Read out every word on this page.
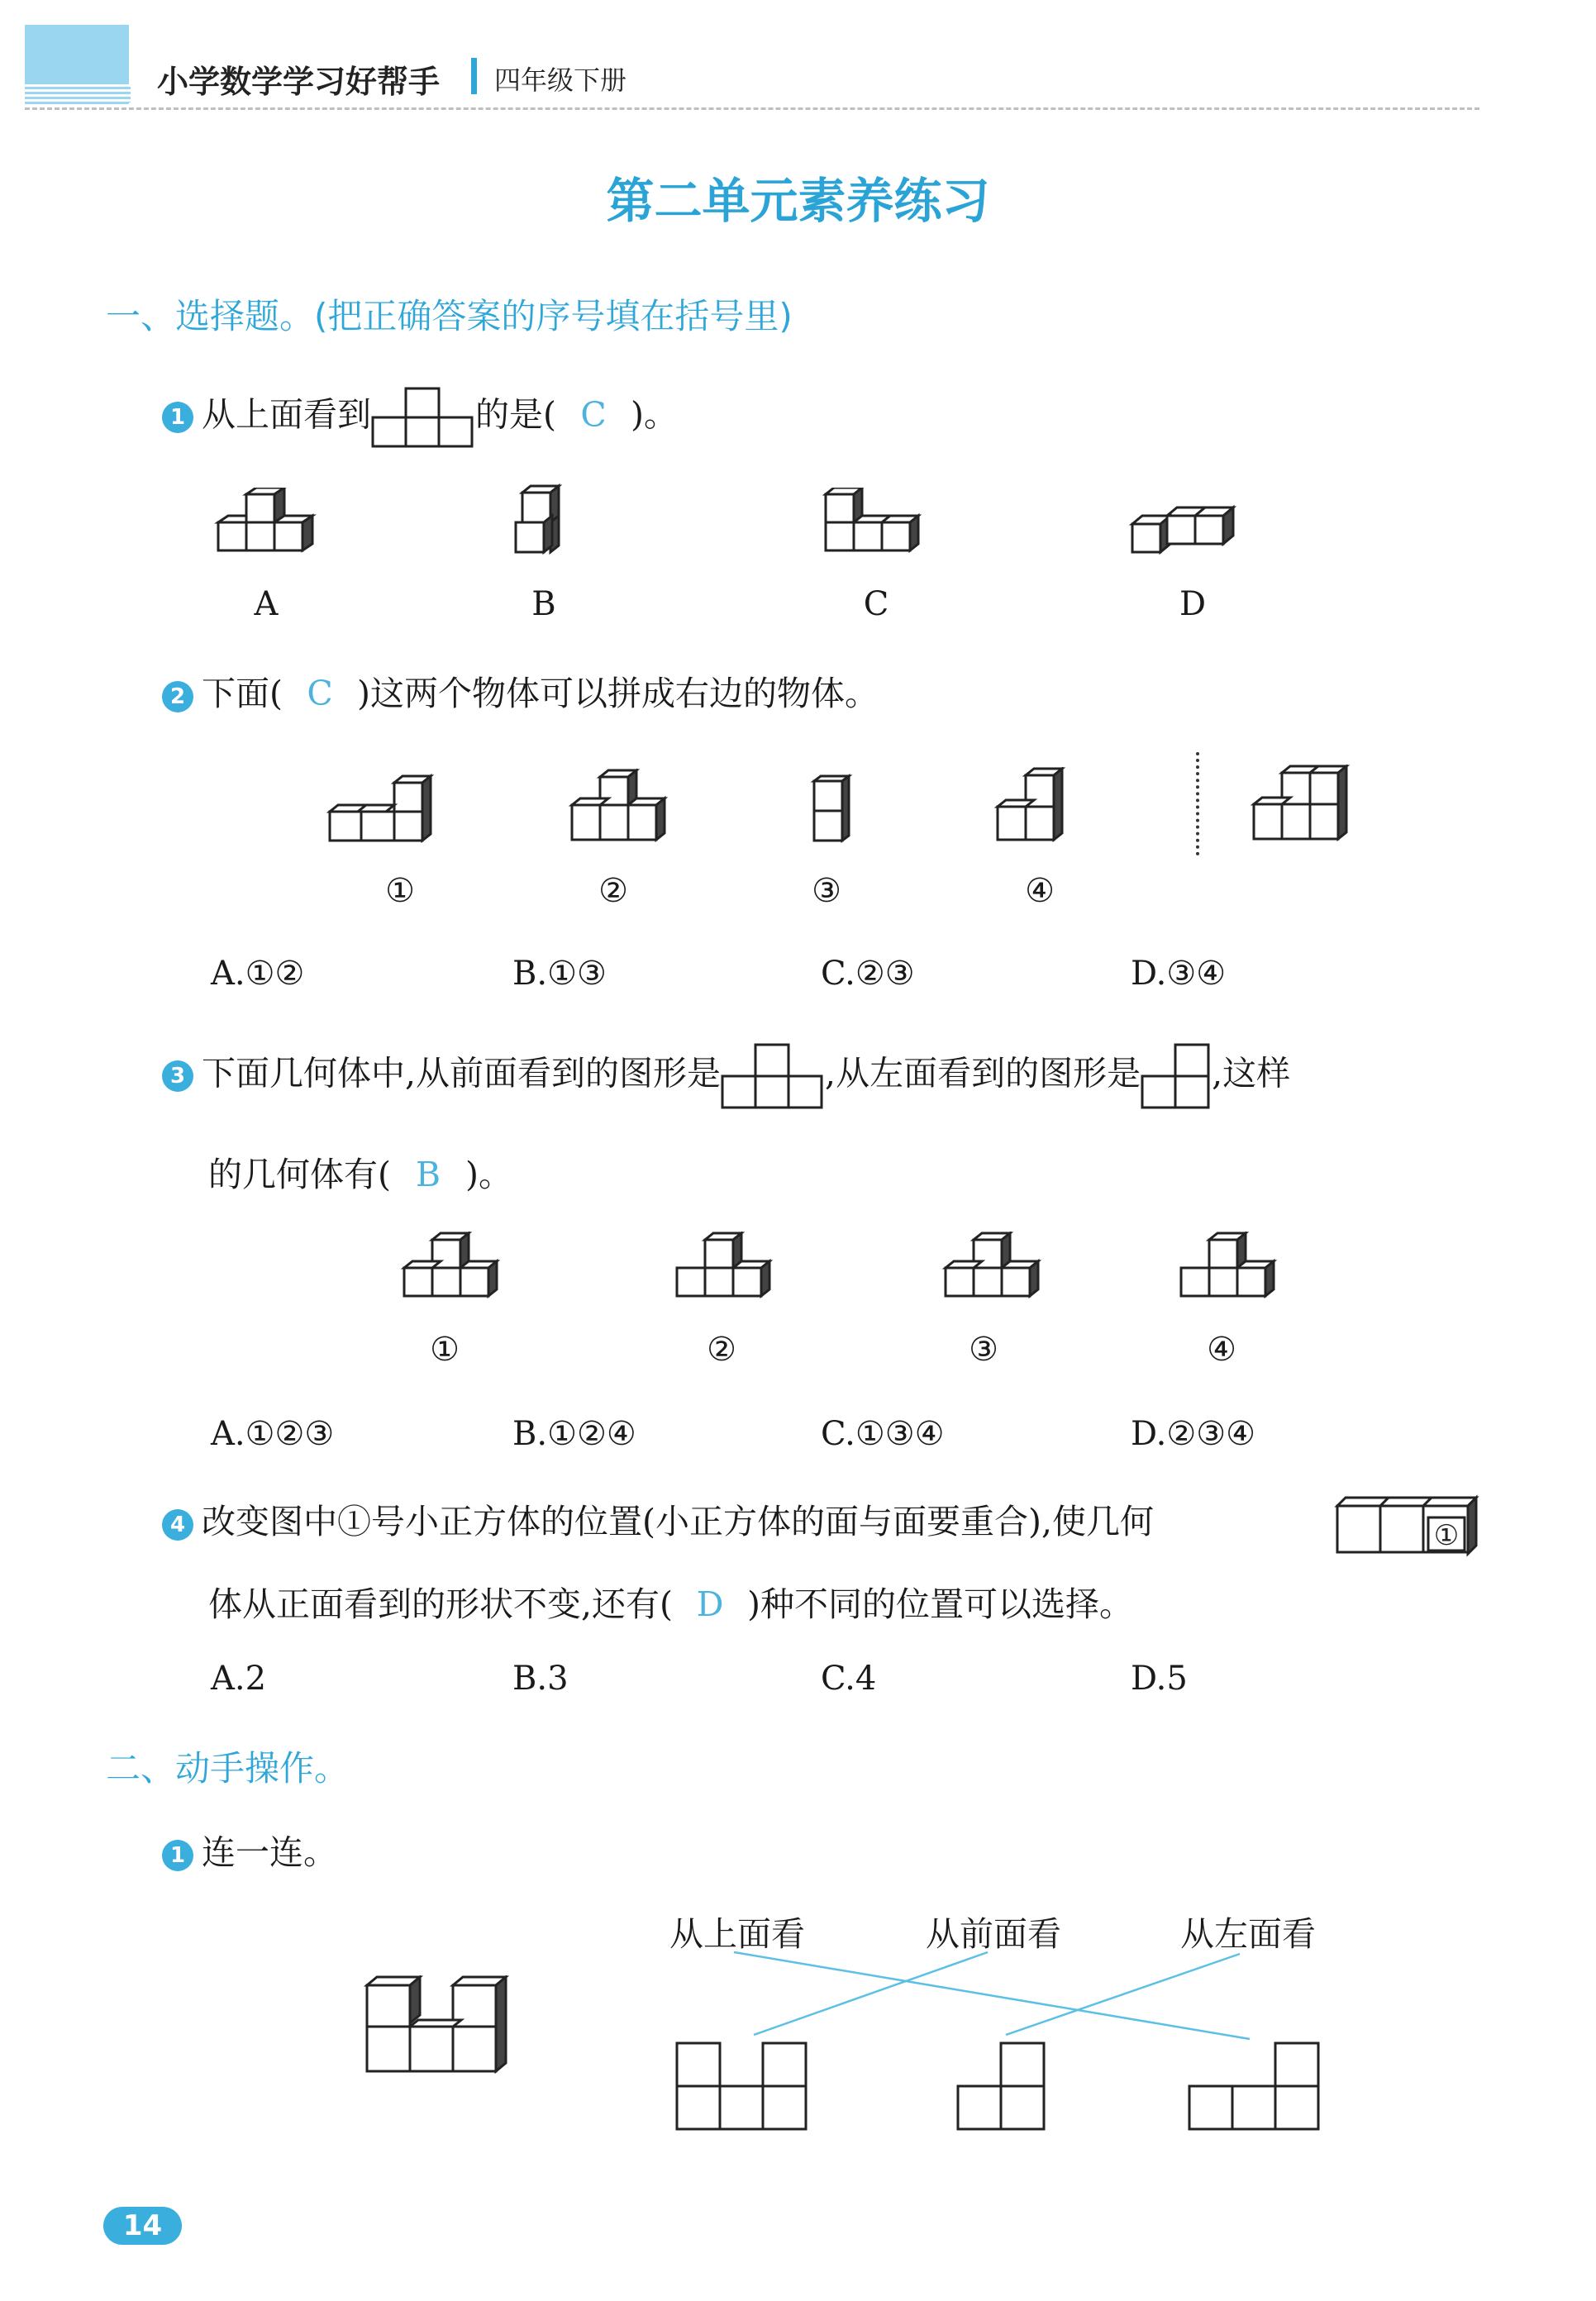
小学数学学习好帮手 四年级下册
第二单元素养练习
一、选择题。(把正确答案的序号填在括号里)
1 从上面看到	的是( C )。
A	B	C	D
2 下面( C )这两个物体可以拼成右边的物体。
①	②	③	④
A.①②	B.①③	C.②③	D.③④
3 下面几何体中,从前面看到的图形是	,从左面看到的图形是 ,这样
的几何体有( B )。
①	②	③	④
A.①②③	B.①②④	C.①③④	D.②③④
4 改变图中①号小正方体的位置(小正方体的面与面要重合),使几何
体从正面看到的形状不变,还有( D )种不同的位置可以选择。
①
A.2	B.3	C.4	D.5
二、动手操作。
1 连一连。
从上面看	从前面看	从左面看
14
